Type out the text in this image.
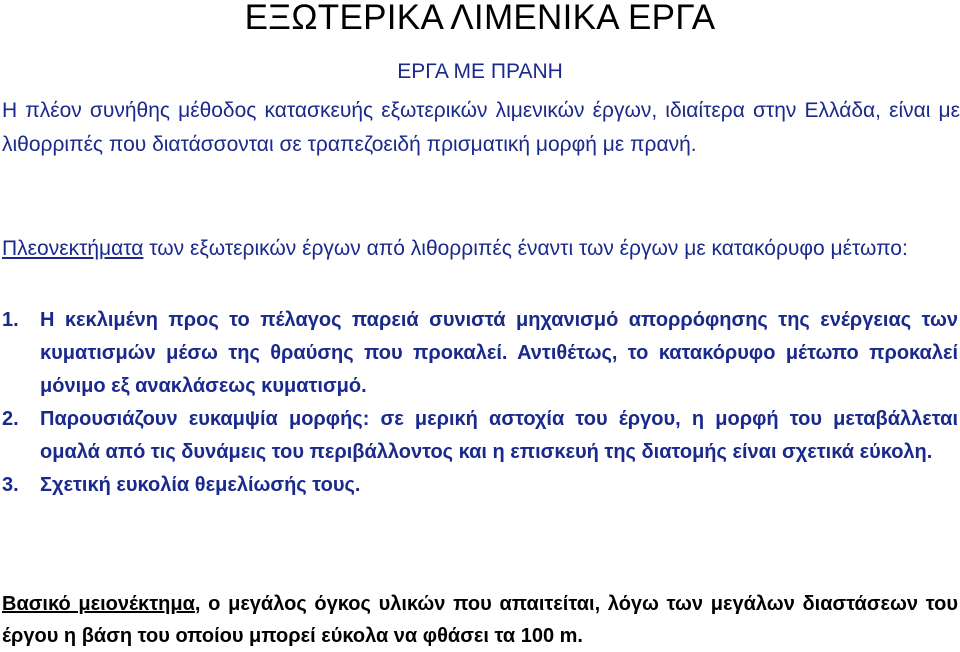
ΕΞΩΤΕΡΙΚΑ ΛΙΜΕΝΙΚΑ ΕΡΓΑ
ΕΡΓΑ ΜΕ ΠΡΑΝΗ
Η πλέον συνήθης μέθοδος κατασκευής εξωτερικών λιμενικών έργων, ιδιαίτερα στην Ελλάδα, είναι με λιθορριπές που διατάσσονται σε τραπεζοειδή πρισματική μορφή με πρανή.
Πλεονεκτήματα των εξωτερικών έργων από λιθορριπές έναντι των έργων με κατακόρυφο μέτωπο:
1.	Η κεκλιμένη προς το πέλαγος παρειά συνιστά μηχανισμό απορρόφησης της ενέργειας των κυματισμών μέσω της θραύσης που προκαλεί. Αντιθέτως, το κατακόρυφο μέτωπο προκαλεί μόνιμο εξ ανακλάσεως κυματισμό.
2.	Παρουσιάζουν ευκαμψία μορφής: σε μερική αστοχία του έργου, η μορφή του μεταβάλλεται ομαλά από τις δυνάμεις του περιβάλλοντος και η επισκευή της διατομής είναι σχετικά εύκολη.
3.	Σχετική ευκολία θεμελίωσής τους.
Βασικό μειονέκτημα, ο μεγάλος όγκος υλικών που απαιτείται, λόγω των μεγάλων διαστάσεων του έργου η βάση του οποίου μπορεί εύκολα να φθάσει τα 100 m.
